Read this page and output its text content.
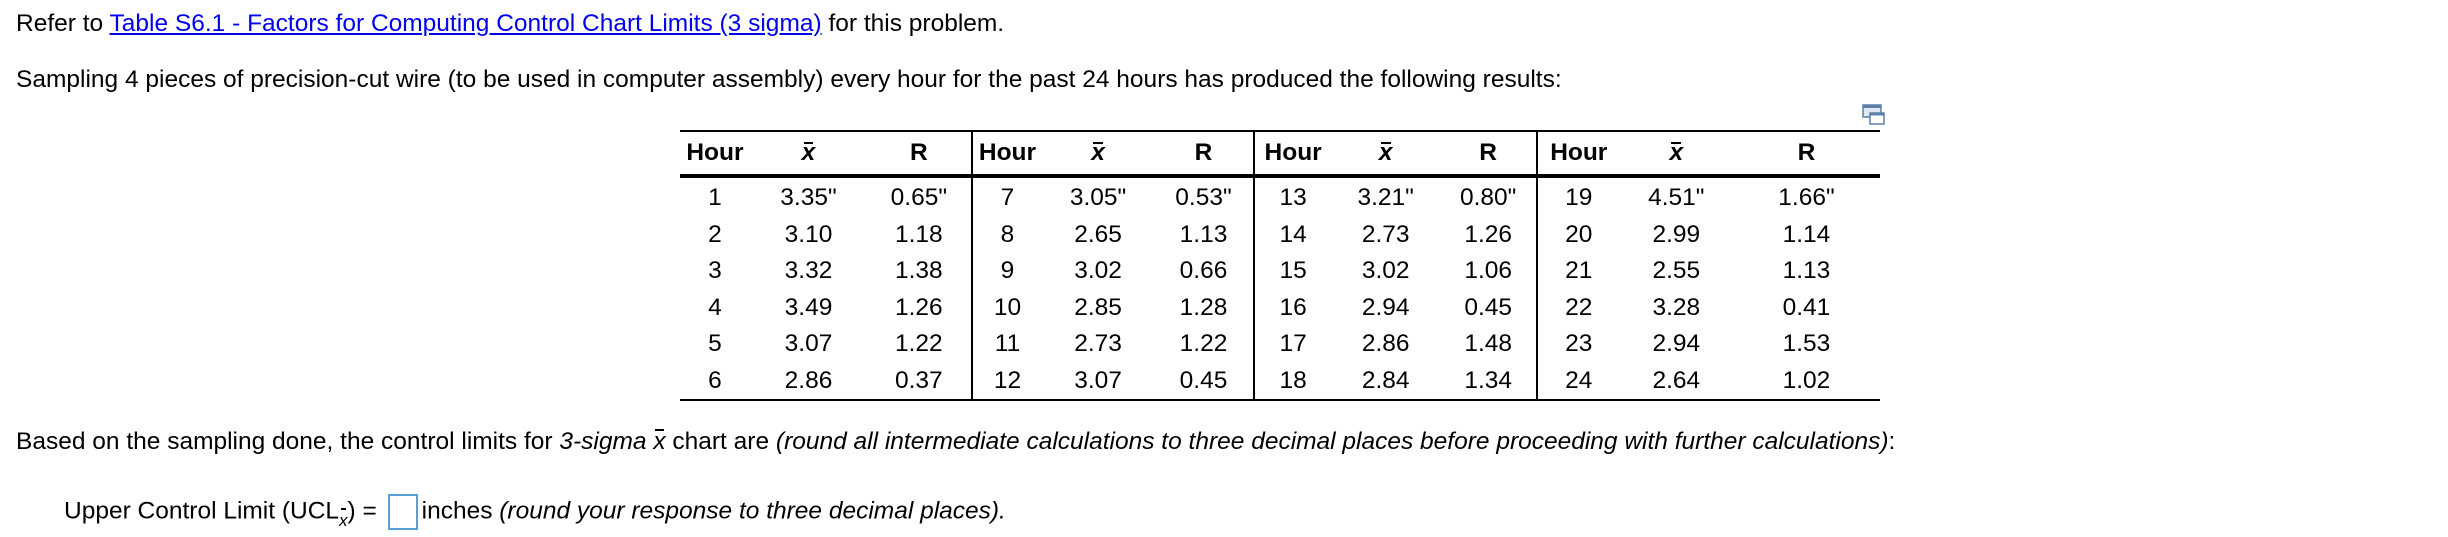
Refer to Table S6.1 - Factors for Computing Control Chart Limits (3 sigma) for this problem.
Sampling 4 pieces of precision-cut wire (to be used in computer assembly) every hour for the past 24 hours has produced the following results:
Hour	x	R	Hour	x	R	Hour	x	R	Hour	x	R
1	3.35"	0.65"	7	3.05"	0.53"	13	3.21"	0.80"	19	4.51"	1.66"
2	3.10	1.18	8	2.65	1.13	14	2.73	1.26	20	2.99	1.14
3	3.32	1.38	9	3.02	0.66	15	3.02	1.06	21	2.55	1.13
4	3.49	1.26	10	2.85	1.28	16	2.94	0.45	22	3.28	0.41
5	3.07	1.22	11	2.73	1.22	17	2.86	1.48	23	2.94	1.53
6	2.86	0.37	12	3.07	0.45	18	2.84	1.34	24	2.64	1.02
Based on the sampling done, the control limits for 3-sigma x chart are (round all intermediate calculations to three decimal places before proceeding with further calculations):
Upper Control Limit $(UCL_x)$ = inches (round your response to three decimal places).
